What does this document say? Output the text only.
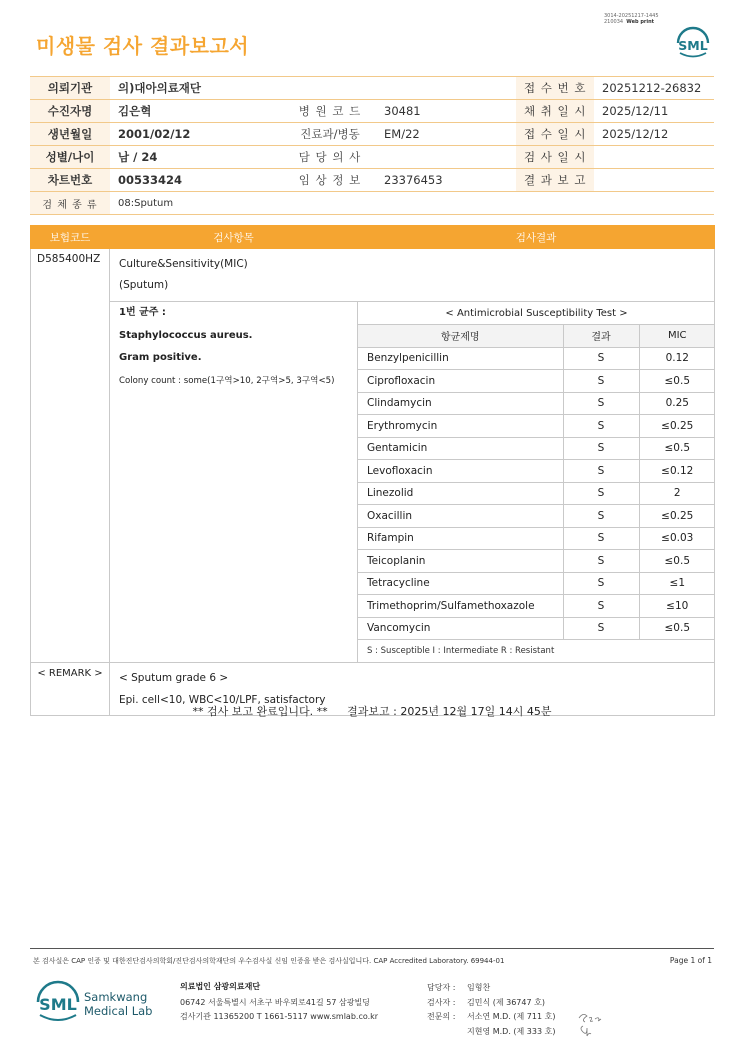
3014-20251217-1445
210034 Web print
미생물 검사 결과보고서	SML
의뢰기관	의)대아의료재단			접 수 번 호	20251212-26832
수진자명	김은혁	병 원 코 드	30481	채 취 일 시	2025/12/11
생년월일	2001/02/12	진료과/병동	EM/22	접 수 일 시	2025/12/12
성별/나이	남 / 24	담 당 의 사		검 사 일 시	
차트번호	00533424	임 상 정 보	23376453	결 과 보 고	
검 체 종 류	08:Sputum				
보험코드	검사항목	검사결과
D585400HZ	Culture&Sensitivity(MIC)
(Sputum)

1번 균주 :
Staphylococcus aureus.
Gram positive.
Colony count : some(1구역>10, 2구역>5, 3구역<5)

< Antimicrobial Susceptibility Test >
항균제명	결과	MIC
Benzylpenicillin	S	0.12
Ciprofloxacin	S	≤0.5
Clindamycin	S	0.25
Erythromycin	S	≤0.25
Gentamicin	S	≤0.5
Levofloxacin	S	≤0.12
Linezolid	S	2
Oxacillin	S	≤0.25
Rifampin	S	≤0.03
Teicoplanin	S	≤0.5
Tetracycline	S	≤1
Trimethoprim/Sulfamethoxazole	S	≤10
Vancomycin	S	≤0.5
S : Susceptible I : Intermediate R : Resistant

< REMARK >	< Sputum grade 6 >
Epi. cell<10, WBC<10/LPF, satisfactory
** 검사 보고 완료입니다. ** 결과보고 : 2025년 12월 17일 14시 45분
본 검사실은 CAP 인증 및 대한진단검사의학회/진단검사의학재단의 우수검사실 신임 인증을 받은 검사실입니다. CAP Accredited Laboratory. 69944-01	Page 1 of 1
SML Samkwang
Medical Lab
의료법인 삼광의료재단
06742 서울특별시 서초구 바우뫼로41길 57 삼광빌딩
검사기관 11365200 T 1661-5117 www.smlab.co.kr
담당자 :	임형찬
검사자 :	김민식 (제 36747 호)
전문의 :	서소연 M.D. (제 711 호)
지현영 M.D. (제 333 호)
